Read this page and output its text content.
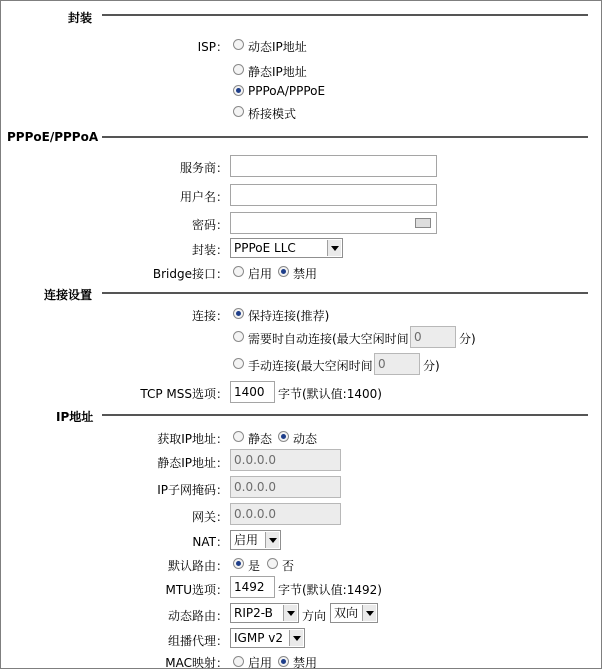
封装
ISP： 动态IP地址
静态IP地址
PPPoA/PPPoE
桥接模式
PPPoE/PPPoA
服务商：
用户名：
密码：
封装： PPPoE LLC
Bridge接口： 启用 禁用
连接设置
连接： 保持连接(推荐)
需要时自动连接(最大空闲时间
0	分)
手动连接(最大空闲时间
0	分)
TCP MSS选项：
1400	字节(默认值:1400)
IP地址
获取IP地址： 静态 动态
静态IP地址：
0.0.0.0
IP子网掩码：
0.0.0.0
网关：
0.0.0.0
NAT： 启用
默认路由： 是 否
MTU选项：
1492	字节(默认值:1492)
动态路由： RIP2-B	方向 双向
组播代理： IGMP v2
MAC映射： 启用 禁用
